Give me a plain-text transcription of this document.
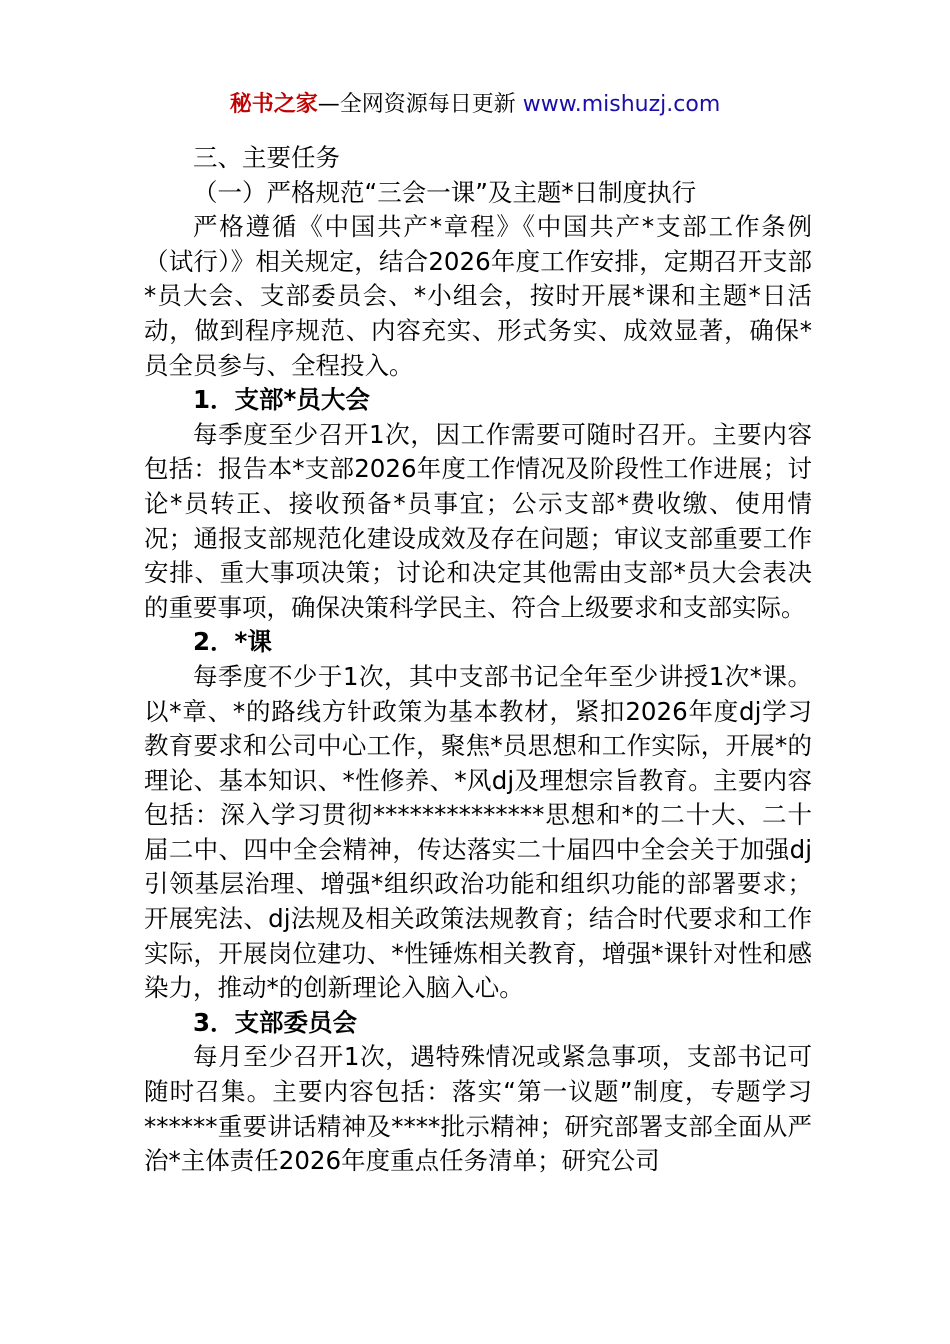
秘书之家—全网资源每日更新 www.mishuzj.com

三、主要任务

（一）严格规范“三会一课”及主题*日制度执行

严格遵循《中国共产*章程》《中国共产*支部工作条例（试行）》相关规定，结合2026年度工作安排，定期召开支部*员大会、支部委员会、*小组会，按时开展*课和主题*日活动，做到程序规范、内容充实、形式务实、成效显著，确保*员全员参与、全程投入。

1．支部*员大会

每季度至少召开1次，因工作需要可随时召开。主要内容包括：报告本*支部2026年度工作情况及阶段性工作进展；讨论*员转正、接收预备*员事宜；公示支部*费收缴、使用情况；通报支部规范化建设成效及存在问题；审议支部重要工作安排、重大事项决策；讨论和决定其他需由支部*员大会表决的重要事项，确保决策科学民主、符合上级要求和支部实际。

2．*课

每季度不少于1次，其中支部书记全年至少讲授1次*课。以*章、*的路线方针政策为基本教材，紧扣2026年度dj学习教育要求和公司中心工作，聚焦*员思想和工作实际，开展*的理论、基本知识、*性修养、*风dj及理想宗旨教育。主要内容包括：深入学习贯彻**************思想和*的二十大、二十届二中、四中全会精神，传达落实二十届四中全会关于加强dj引领基层治理、增强*组织政治功能和组织功能的部署要求；开展宪法、dj法规及相关政策法规教育；结合时代要求和工作实际，开展岗位建功、*性锤炼相关教育，增强*课针对性和感染力，推动*的创新理论入脑入心。

3．支部委员会

每月至少召开1次，遇特殊情况或紧急事项，支部书记可随时召集。主要内容包括：落实“第一议题”制度，专题学习******重要讲话精神及****批示精神；研究部署支部全面从严治*主体责任2026年度重点任务清单；研究公司
